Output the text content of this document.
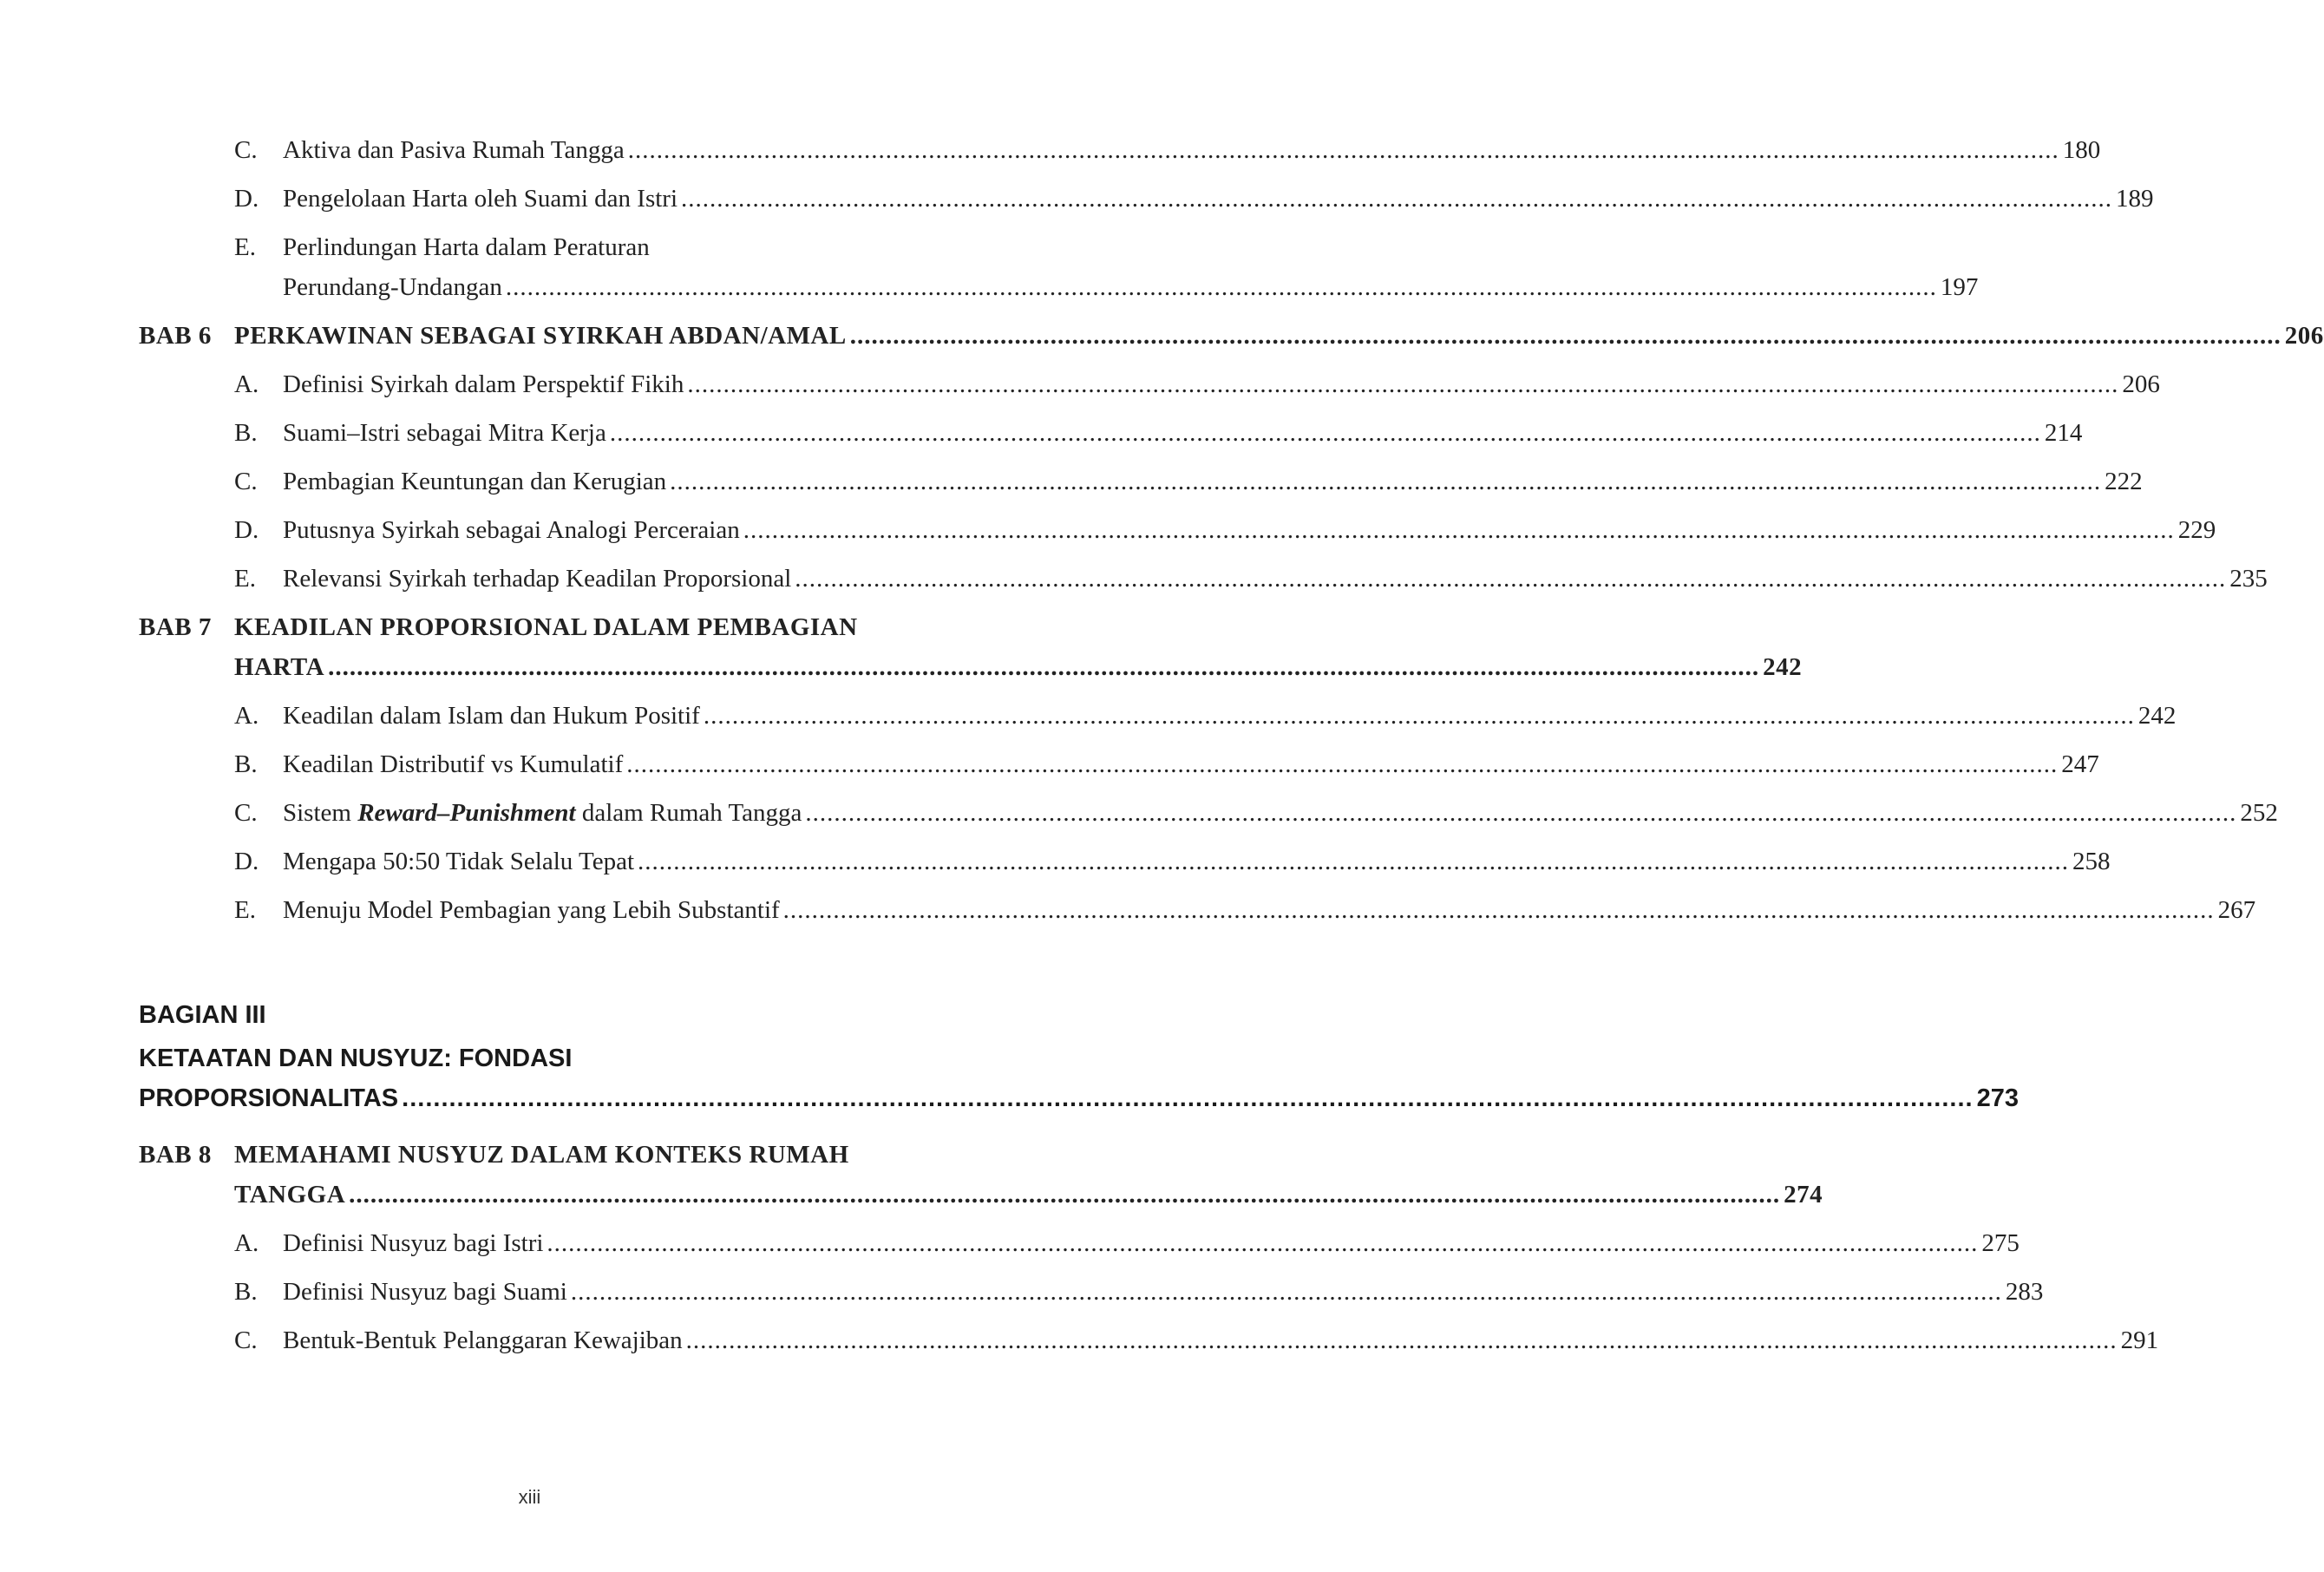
C.	Aktiva dan Pasiva Rumah Tangga .....	180
D. Pengelolaan Harta oleh Suami dan Istri .....	189
E.	Perlindungan Harta dalam Peraturan
Perundang-Undangan .....	197
BAB 6 PERKAWINAN SEBAGAI SYIRKAH ABDAN/AMAL .....	206
A. Definisi Syirkah dalam Perspektif Fikih .....	206
B.	Suami–Istri sebagai Mitra Kerja .....	214
C.	Pembagian Keuntungan dan Kerugian .....	222
D. Putusnya Syirkah sebagai Analogi Perceraian .....	229
E.	Relevansi Syirkah terhadap Keadilan Proporsional .....	235
BAB 7 KEADILAN PROPORSIONAL DALAM PEMBAGIAN
HARTA .....	242
A. Keadilan dalam Islam dan Hukum Positif .....	242
B.	Keadilan Distributif vs Kumulatif .....	247
C.	Sistem Reward–Punishment dalam Rumah Tangga .....	252
D. Mengapa 50:50 Tidak Selalu Tepat .....	258
E.	Menuju Model Pembagian yang Lebih Substantif .....	267
BAGIAN III
KETAATAN DAN NUSYUZ: FONDASI
PROPORSIONALITAS .....	273
BAB 8 MEMAHAMI NUSYUZ DALAM KONTEKS RUMAH
TANGGA .....	274
A. Definisi Nusyuz bagi Istri .....	275
B.	Definisi Nusyuz bagi Suami .....	283
C.	Bentuk-Bentuk Pelanggaran Kewajiban .....	291
xiii
